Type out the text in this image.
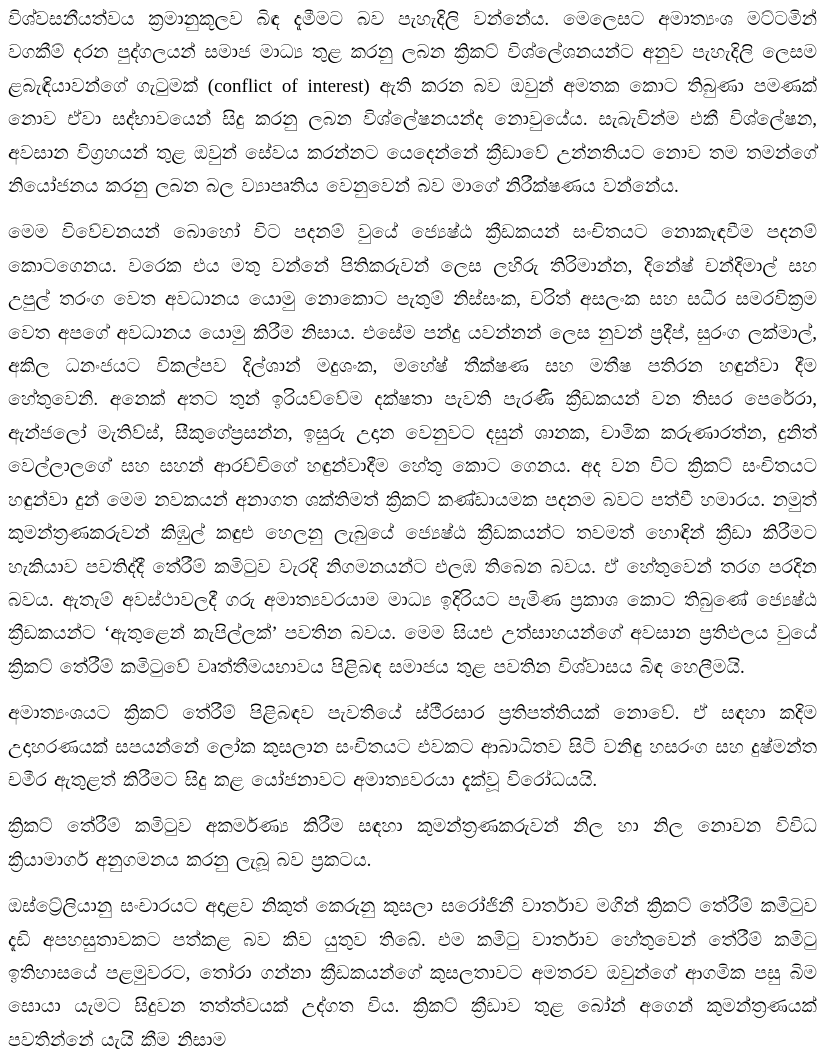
විශ්වසනීයත්වය ක්‍රමානුකූලව බිඳ දැමීමට බව පැහැදිලි වන්නේය. මෙලෙසට අමාත්‍යංශ මට්ටමින් වගකීම් දරන පුද්ගලයන් සමාජ මාධ්‍ය තුළ කරනු ලබන ක්‍රිකට් විශ්ලේශනයන්ට අනුව පැහැදිලි ලෙසම ළබැඳියාවන්ගේ ගැටුමක් (conflict of interest) ඇති කරන බව ඔවුන් අමතක කොට තිබුණා පමණක් නොව ඒවා සද්භාවයෙන් සිදු කරනු ලබන විශ්ලේෂනයන්ද නොවුයේය. සැබැවින්ම එකී විශ්ලේෂන, අවසාන විග්‍රහයන් තුළ ඔවුන් සේවය කරන්නට යෙදෙන්නේ ක්‍රීඩාවේ උන්නතියට නොව තම තමන්ගේ නියෝජනය කරනු ලබන බල ව්‍යාපෘතිය වෙනුවෙන් බව මාගේ නිරීක්ෂණය වන්නේය.

මෙම විවේචනයන් බොහෝ විට පදනම් වුයේ ජ්‍යෙෂ්ඨ ක්‍රීඩකයන් සංචිතයට නොකැඳවීම පදනම් කොටගෙනය. වරෙක එය මතු වන්නේ පිතිකරුවන් ලෙස ලහිරු තිරිමාන්න, දිනේෂ් චන්දිමාල් සහ උපුල් තරංග වෙත අවධානය යොමු නොකොට පැතුම් නිස්සංක, චරිත් අසලංක සහ සධීර සමරවික්‍රම වෙත අපගේ අවධානය යොමු කිරීම නිසාය. එසේම පන්දු යවන්නන් ලෙස නුවන් ප්‍රදීප්, සුරංග ලක්මාල්, අකිල ධනංජයට විකල්පව දිල්ශාන් මදුශංක, මහේෂ් තීක්ෂණ සහ මතීෂ පතිරන හඳුන්වා දීම හේතුවෙනි. අනෙක් අතට තුන් ඉරියව්වේම දක්ෂතා පැවති පැරණි ක්‍රීඩකයන් වන තිසර පෙරේරා, ඇන්ජලෝ මැතිව්ස්, සීකුගේප්‍රසන්න, ඉසුරු උදාන වෙනුවට දසුන් ශානක, චාමික කරුණාරත්න, දුනිත් වෙල්ලාලගේ සහ සහන් ආරච්චිගේ හඳුන්වාදීම හේතු කොට ගෙනය. අද වන විට ක්‍රිකට් සංචිතයට හඳුන්වා දුන් මෙම නවකයන් අනාගත ශක්තිමත් ක්‍රිකට් කණ්ඩායමක පදනම බවට පත්වී හමාරය. නමුත් කුමන්ත්‍රණකරුවන් කිඹුල් කඳුළු හෙලනු ලැබුයේ ජ්‍යෙෂ්ඨ ක්‍රීඩකයන්ට තවමත් හොඳින් ක්‍රීඩා කිරීමට හැකියාව පවතිද්දී තේරීම් කමිටුව වැරදි නිගමනයන්ට එලඹ තිබෙන බවය. ඒ හේතුවෙන් තරග පරදින බවය. ඇතැම් අවස්ථාවලදී ගරු අමාත්‍යවරයාම මාධ්‍ය ඉදිරියට පැමිණ ප්‍රකාශ කොට තිබුණේ ජ්‍යෙෂ්ඨ ක්‍රීඩකයන්ට ‘ඇතුළෙන් කැපිල්ලක්’ පවතින බවය. මෙම සියළු උත්සාහයන්ගේ අවසාන ප්‍රතිඵලය වුයේ ක්‍රිකට් තේරීම් කමිටුවේ වෘත්තීමයභාවය පිළිබඳ සමාජය තුළ පවතින විශ්වාසය බිඳ හෙලීමයි.

අමාත්‍යංශයට ක්‍රිකට් තේරීම් පිළිබඳව පැවතියේ ස්ථීරසාර ප්‍රතිපත්තියක් නොවේ. ඒ සඳහා කදිම උදාහරණයක් සපයන්නේ ලෝක කුසලාන සංචිතයට එවකට ආබාධිතව සිටි වනිඳු හසරංග සහ දුෂ්මන්ත චමීර ඇතුළත් කිරීමට සිදු කළ යෝජනාවට අමාත්‍යවරයා දැක්වූ විරෝධයයි.

ක්‍රිකට් තේරීම් කමිටුව අකර්මණ්‍ය කිරීම සඳහා කුමන්ත්‍රණකරුවන් නිල හා නිල නොවන විවිධ ක්‍රියාමාර්ග අනුගමනය කරනු ලැබූ බව ප්‍රකටය.

ඔස්ට්‍රේලියානු සංචාරයට අදාළව නිකුත් කෙරුනු කුසලා සරෝජිනී වාර්තාව මගින් ක්‍රිකට් තේරීම් කමිටුව දැඩි අපහසුතාවකට පත්කළ බව කිව යුතුව තිබේ. එම කමිටු වාර්තාව හේතුවෙන් තේරීම් කමිටු ඉතිහාසයේ පළමුවරට, තෝරා ගන්නා ක්‍රීඩකයන්ගේ කුසලතාවට අමතරව ඔවුන්ගේ ආගමික පසු බිම සොයා යැමට සිදුවන තත්ත්වයක් උද්ගත විය. ක්‍රිකට් ක්‍රීඩාව තුළ බෝන් අගෙන් කුමන්ත්‍රණයක් පවතින්නේ යැයි කීම නිසාම
